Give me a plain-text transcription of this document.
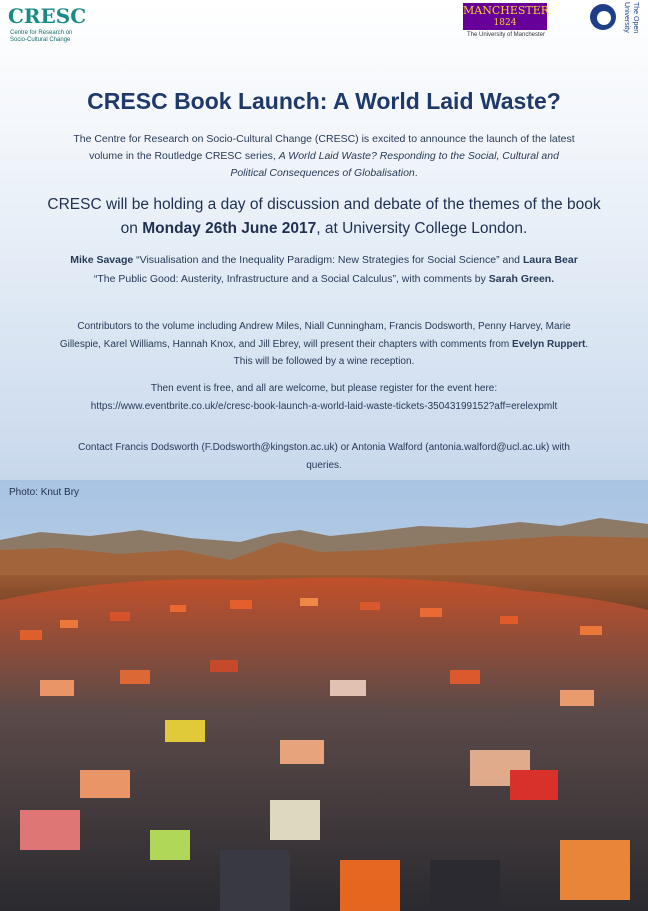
CRESC
Centre for Research on Socio-Cultural Change
MANCHESTER
1824
The University of Manchester
The Open University
CRESC Book Launch: A World Laid Waste?
The Centre for Research on Socio-Cultural Change (CRESC) is excited to announce the launch of the latest volume in the Routledge CRESC series, A World Laid Waste? Responding to the Social, Cultural and Political Consequences of Globalisation.
CRESC will be holding a day of discussion and debate of the themes of the book on Monday 26th June 2017, at University College London.
Mike Savage “Visualisation and the Inequality Paradigm: New Strategies for Social Science” and Laura Bear “The Public Good: Austerity, Infrastructure and a Social Calculus”, with comments by Sarah Green.
Contributors to the volume including Andrew Miles, Niall Cunningham, Francis Dodsworth, Penny Harvey, Marie Gillespie, Karel Williams, Hannah Knox, and Jill Ebrey, will present their chapters with comments from Evelyn Ruppert. This will be followed by a wine reception.
Then event is free, and all are welcome, but please register for the event here:
https://www.eventbrite.co.uk/e/cresc-book-launch-a-world-laid-waste-tickets-35043199152?aff=erelexpmlt
Contact Francis Dodsworth (F.Dodsworth@kingston.ac.uk) or Antonia Walford (antonia.walford@ucl.ac.uk) with queries.
Photo: Knut Bry
